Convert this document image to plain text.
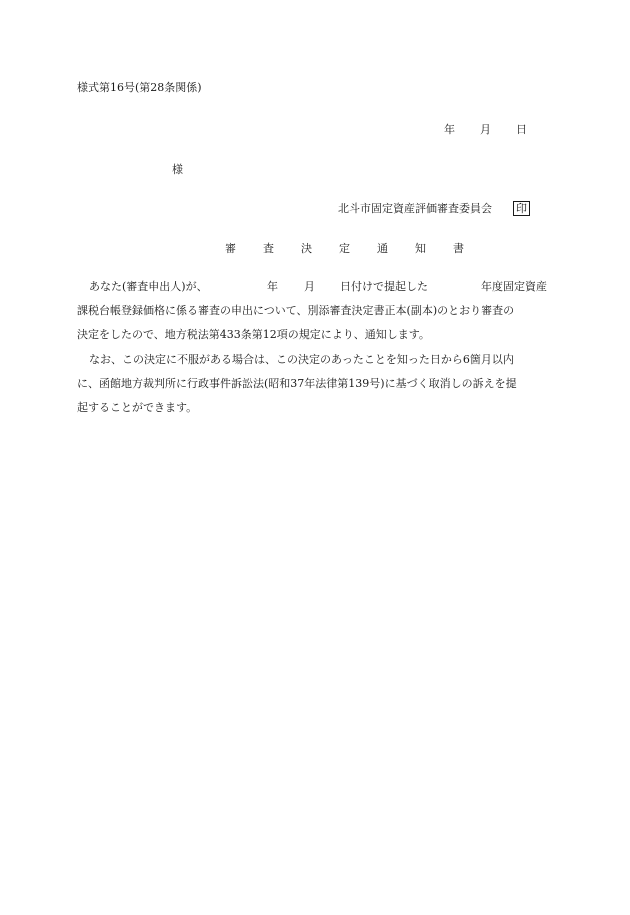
様式第16号(第28条関係)
年 月 日
様
北斗市固定資産評価審査委員会 印
審 査 決 定 通 知 書
あなた(審査申出人)が、	年 月 日付けで提起した	年度固定資産
課税台帳登録価格に係る審査の申出について、別添審査決定書正本(副本)のとおり審査の
決定をしたので、地方税法第433条第12項の規定により、通知します。
なお、この決定に不服がある場合は、この決定のあったことを知った日から6箇月以内
に、函館地方裁判所に行政事件訴訟法(昭和37年法律第139号)に基づく取消しの訴えを提
起することができます。
